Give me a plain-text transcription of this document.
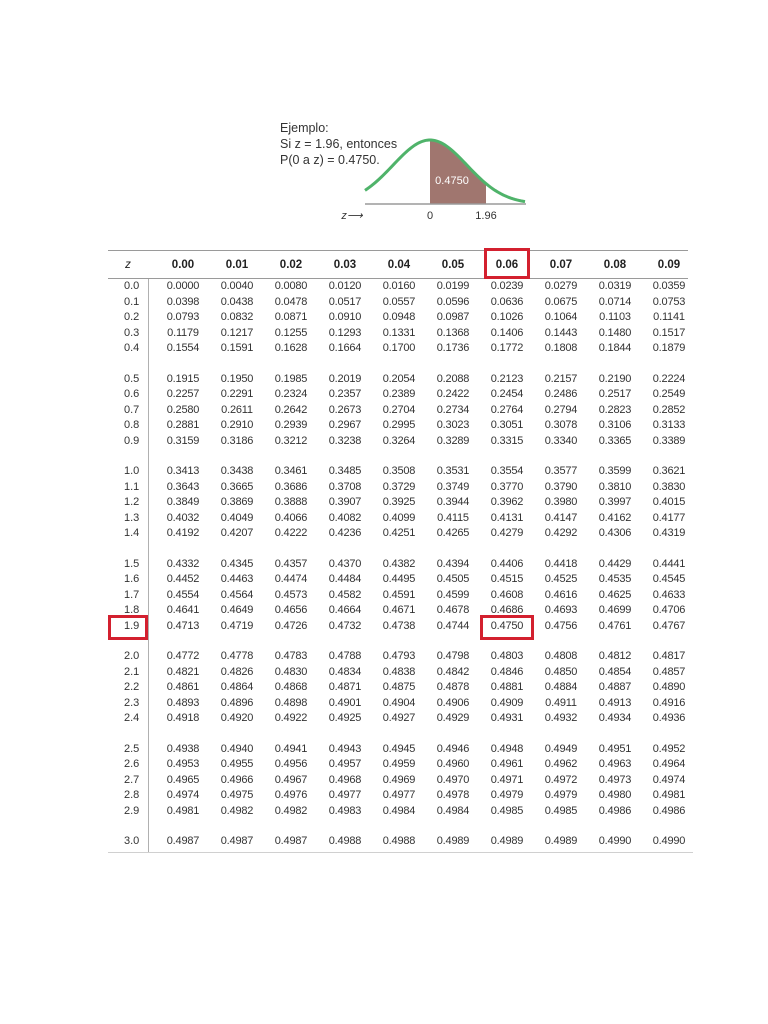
0.4750
z⟶	0	1.96
Ejemplo:
Si z = 1.96, entonces
P(0 a z) = 0.4750.
z	0.00	0.01	0.02	0.03	0.04	0.05	0.06	0.07	0.08	0.09
0.0	0.0000	0.0040	0.0080	0.0120	0.0160	0.0199	0.0239	0.0279	0.0319	0.0359
0.1	0.0398	0.0438	0.0478	0.0517	0.0557	0.0596	0.0636	0.0675	0.0714	0.0753
0.2	0.0793	0.0832	0.0871	0.0910	0.0948	0.0987	0.1026	0.1064	0.1103	0.1141
0.3	0.1179	0.1217	0.1255	0.1293	0.1331	0.1368	0.1406	0.1443	0.1480	0.1517
0.4	0.1554	0.1591	0.1628	0.1664	0.1700	0.1736	0.1772	0.1808	0.1844	0.1879
0.5	0.1915	0.1950	0.1985	0.2019	0.2054	0.2088	0.2123	0.2157	0.2190	0.2224
0.6	0.2257	0.2291	0.2324	0.2357	0.2389	0.2422	0.2454	0.2486	0.2517	0.2549
0.7	0.2580	0.2611	0.2642	0.2673	0.2704	0.2734	0.2764	0.2794	0.2823	0.2852
0.8	0.2881	0.2910	0.2939	0.2967	0.2995	0.3023	0.3051	0.3078	0.3106	0.3133
0.9	0.3159	0.3186	0.3212	0.3238	0.3264	0.3289	0.3315	0.3340	0.3365	0.3389
1.0	0.3413	0.3438	0.3461	0.3485	0.3508	0.3531	0.3554	0.3577	0.3599	0.3621
1.1	0.3643	0.3665	0.3686	0.3708	0.3729	0.3749	0.3770	0.3790	0.3810	0.3830
1.2	0.3849	0.3869	0.3888	0.3907	0.3925	0.3944	0.3962	0.3980	0.3997	0.4015
1.3	0.4032	0.4049	0.4066	0.4082	0.4099	0.4115	0.4131	0.4147	0.4162	0.4177
1.4	0.4192	0.4207	0.4222	0.4236	0.4251	0.4265	0.4279	0.4292	0.4306	0.4319
1.5	0.4332	0.4345	0.4357	0.4370	0.4382	0.4394	0.4406	0.4418	0.4429	0.4441
1.6	0.4452	0.4463	0.4474	0.4484	0.4495	0.4505	0.4515	0.4525	0.4535	0.4545
1.7	0.4554	0.4564	0.4573	0.4582	0.4591	0.4599	0.4608	0.4616	0.4625	0.4633
1.8	0.4641	0.4649	0.4656	0.4664	0.4671	0.4678	0.4686	0.4693	0.4699	0.4706
1.9	0.4713	0.4719	0.4726	0.4732	0.4738	0.4744	0.4750	0.4756	0.4761	0.4767
2.0	0.4772	0.4778	0.4783	0.4788	0.4793	0.4798	0.4803	0.4808	0.4812	0.4817
2.1	0.4821	0.4826	0.4830	0.4834	0.4838	0.4842	0.4846	0.4850	0.4854	0.4857
2.2	0.4861	0.4864	0.4868	0.4871	0.4875	0.4878	0.4881	0.4884	0.4887	0.4890
2.3	0.4893	0.4896	0.4898	0.4901	0.4904	0.4906	0.4909	0.4911	0.4913	0.4916
2.4	0.4918	0.4920	0.4922	0.4925	0.4927	0.4929	0.4931	0.4932	0.4934	0.4936
2.5	0.4938	0.4940	0.4941	0.4943	0.4945	0.4946	0.4948	0.4949	0.4951	0.4952
2.6	0.4953	0.4955	0.4956	0.4957	0.4959	0.4960	0.4961	0.4962	0.4963	0.4964
2.7	0.4965	0.4966	0.4967	0.4968	0.4969	0.4970	0.4971	0.4972	0.4973	0.4974
2.8	0.4974	0.4975	0.4976	0.4977	0.4977	0.4978	0.4979	0.4979	0.4980	0.4981
2.9	0.4981	0.4982	0.4982	0.4983	0.4984	0.4984	0.4985	0.4985	0.4986	0.4986
3.0	0.4987	0.4987	0.4987	0.4988	0.4988	0.4989	0.4989	0.4989	0.4990	0.4990
